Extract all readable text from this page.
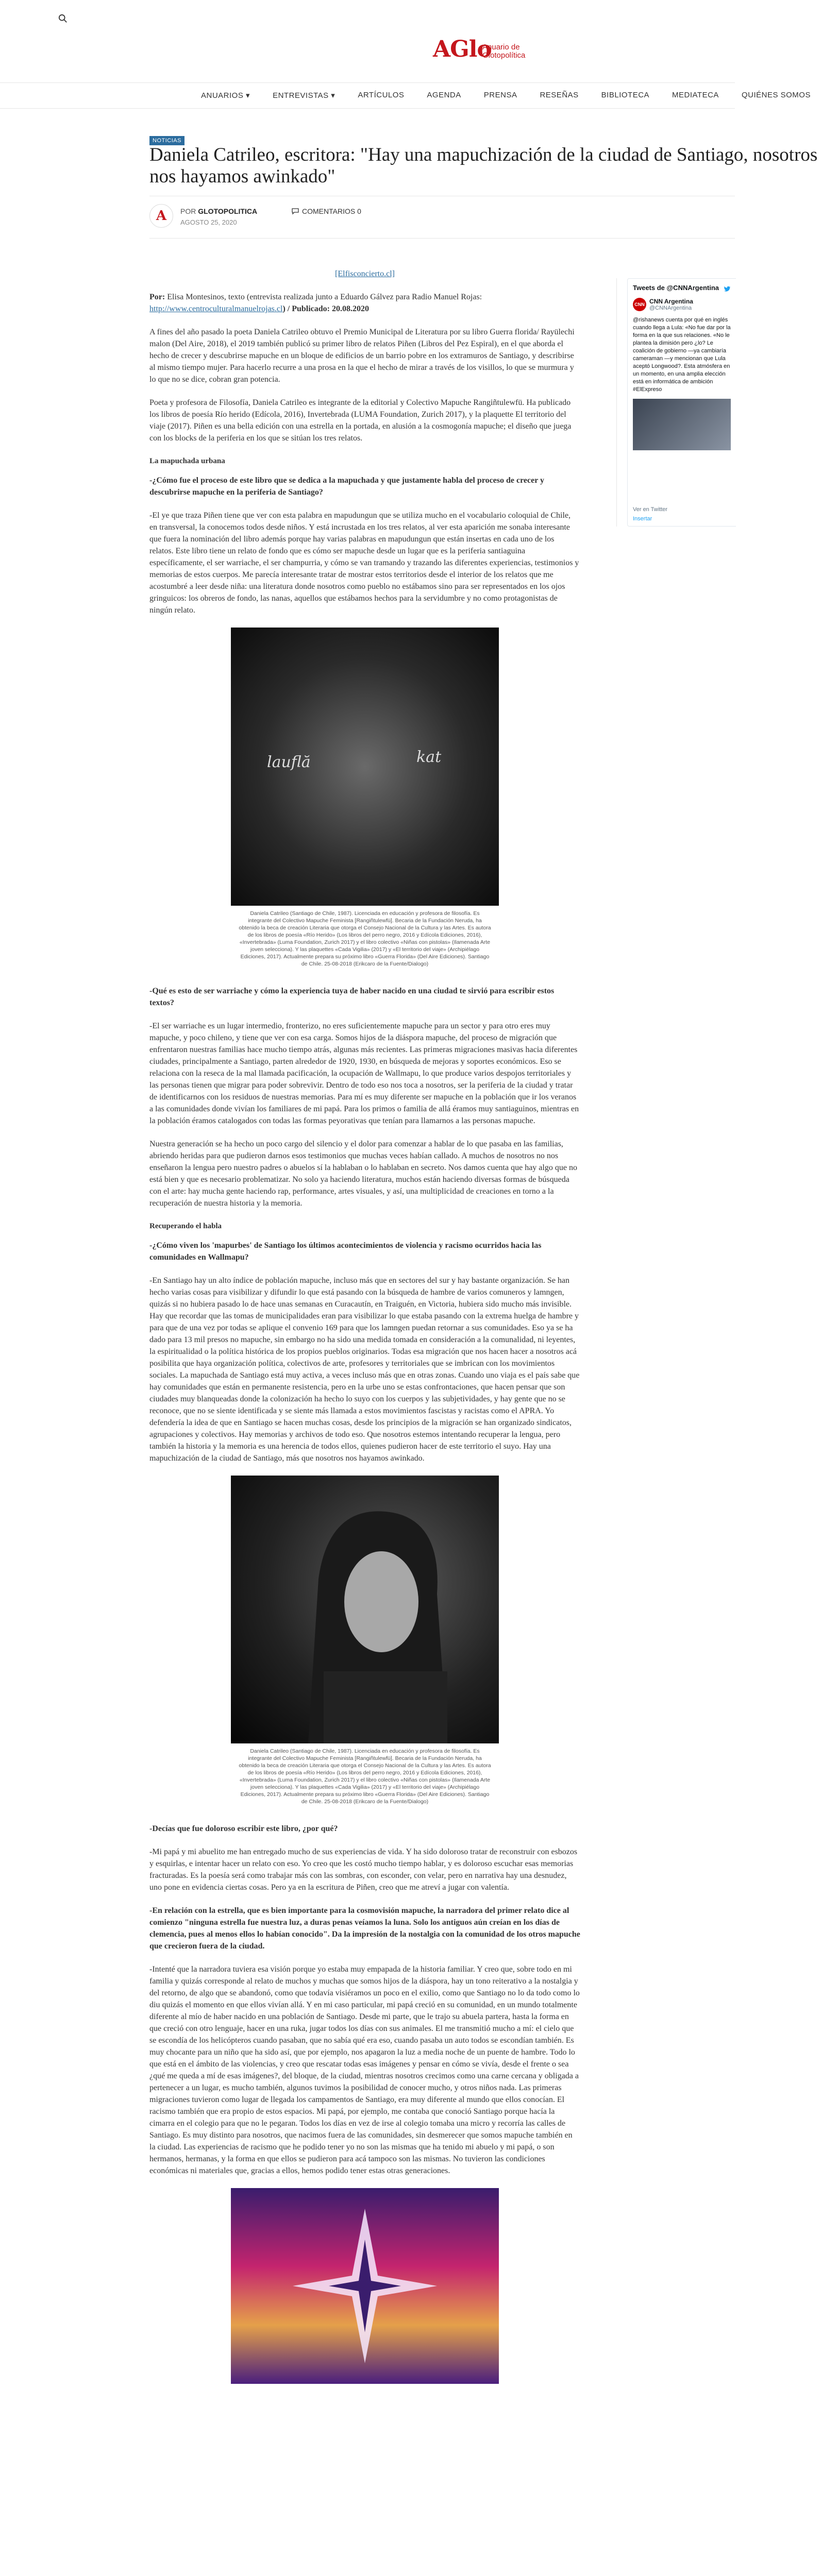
AGlo
Anuario de Glotopolítica
ANUARIOS ▾	ENTREVISTAS ▾	ARTÍCULOS	AGENDA	PRENSA	RESEÑAS	BIBLIOTECA	MEDIATECA	QUIÉNES SOMOS
NOTICIAS
Daniela Catrileo, escritora: "Hay una mapuchización de la ciudad de Santiago, nosotros nos hayamos awinkado"
A	POR GLOTOPOLITICA	COMENTARIOS 0
AGOSTO 25, 2020

[Elfisconcierto.cl]

Por: Elisa Montesinos, texto (entrevista realizada junto a Eduardo Gálvez para Radio Manuel Rojas: http://www.centroculturalmanuelrojas.cl) / Publicado: 20.08.2020

A fines del año pasado la poeta Daniela Catrileo obtuvo el Premio Municipal de Literatura por su libro Guerra florida/ Rayülechi malon (Del Aire, 2018), el 2019 también publicó su primer libro de relatos Piñen (Libros del Pez Espiral), en el que aborda el hecho de crecer y descubrirse mapuche en un bloque de edificios de un barrio pobre en los extramuros de Santiago, y describirse al mismo tiempo mujer. Para hacerlo recurre a una prosa en la que el hecho de mirar a través de los visillos, lo que se murmura y lo que no se dice, cobran gran potencia.

Poeta y profesora de Filosofía, Daniela Catrileo es integrante de la editorial y Colectivo Mapuche Rangiñtulewfü. Ha publicado los libros de poesía Río herido (Edícola, 2016), Invertebrada (LUMA Foundation, Zurich 2017), y la plaquette El territorio del viaje (2017). Piñen es una bella edición con una estrella en la portada, en alusión a la cosmogonía mapuche; el diseño que juega con los blocks de la periferia en los que se sitúan los tres relatos.

La mapuchada urbana

-¿Cómo fue el proceso de este libro que se dedica a la mapuchada y que justamente habla del proceso de crecer y descubrirse mapuche en la periferia de Santiago?

-El ye que traza Piñen tiene que ver con esta palabra en mapudungun que se utiliza mucho en el vocabulario coloquial de Chile, en transversal, la conocemos todos desde niños. Y está incrustada en los tres relatos, al ver esta aparición me sonaba interesante que fuera la nominación del libro además porque hay varias palabras en mapudungun que están insertas en cada uno de los relatos. Este libro tiene un relato de fondo que es cómo ser mapuche desde un lugar que es la periferia santiaguina específicamente, el ser warriache, el ser champurria, y cómo se van tramando y trazando las diferentes experiencias, testimonios y memorias de estos cuerpos. Me parecía interesante tratar de mostrar estos territorios desde el interior de los relatos que me acostumbré a leer desde niña: una literatura donde nosotros como pueblo no estábamos sino para ser representados en los ojos gringuicos: los obreros de fondo, las nanas, aquellos que estábamos hechos para la servidumbre y no como protagonistas de ningún relato.

lauflă	kat
Daniela Catrileo (Santiago de Chile, 1987). Licenciada en educación y profesora de filosofía. Es integrante del Colectivo Mapuche Feminista [Rangiñtulewfü]. Becaria de la Fundación Neruda, ha obtenido la beca de creación Literaria que otorga el Consejo Nacional de la Cultura y las Artes. Es autora de los libros de poesía «Río Herido» (Los libros del perro negro, 2016 y Edícola Ediciones, 2016), «Invertebrada» (Luma Foundation, Zurich 2017) y el libro colectivo «Niñas con pistolas» (Ilamenada Arte joven selecciona). Y las plaquettes «Cada Vigilia» (2017) y «El territorio del viaje» (Archipiélago Ediciones, 2017). Actualmente prepara su próximo libro «Guerra Florida» (Del Aire Ediciones). Santiago de Chile. 25-08-2018 (Erikcaro de la Fuente/Dialogo)

-Qué es esto de ser warriache y cómo la experiencia tuya de haber nacido en una ciudad te sirvió para escribir estos textos?

-El ser warriache es un lugar intermedio, fronterizo, no eres suficientemente mapuche para un sector y para otro eres muy mapuche, y poco chileno, y tiene que ver con esa carga. Somos hijos de la diáspora mapuche, del proceso de migración que enfrentaron nuestras familias hace mucho tiempo atrás, algunas más recientes. Las primeras migraciones masivas hacia diferentes ciudades, principalmente a Santiago, parten alrededor de 1920, 1930, en búsqueda de mejoras y soportes económicos. Eso se relaciona con la reseca de la mal llamada pacificación, la ocupación de Wallmapu, lo que produce varios despojos territoriales y las personas tienen que migrar para poder sobrevivir. Dentro de todo eso nos toca a nosotros, ser la periferia de la ciudad y tratar de identificarnos con los residuos de nuestras memorias. Para mí es muy diferente ser mapuche en la población que ir los veranos a las comunidades donde vivían los familiares de mi papá. Para los primos o familia de allá éramos muy santiaguinos, mientras en la población éramos catalogados con todas las formas peyorativas que tenían para llamarnos a las personas mapuche.

Nuestra generación se ha hecho un poco cargo del silencio y el dolor para comenzar a hablar de lo que pasaba en las familias, abriendo heridas para que pudieron darnos esos testimonios que muchas veces habían callado. A muchos de nosotros no nos enseñaron la lengua pero nuestro padres o abuelos sí la hablaban o lo hablaban en secreto. Nos damos cuenta que hay algo que no está bien y que es necesario problematizar. No solo ya haciendo literatura, muchos están haciendo diversas formas de búsqueda con el arte: hay mucha gente haciendo rap, performance, artes visuales, y así, una multiplicidad de creaciones en torno a la recuperación de nuestra historia y la memoria.

Recuperando el habla

-¿Cómo viven los 'mapurbes' de Santiago los últimos acontecimientos de violencia y racismo ocurridos hacia las comunidades en Wallmapu?

-En Santiago hay un alto índice de población mapuche, incluso más que en sectores del sur y hay bastante organización. Se han hecho varias cosas para visibilizar y difundir lo que está pasando con la búsqueda de hambre de varios comuneros y lamngen, quizás si no hubiera pasado lo de hace unas semanas en Curacautín, en Traiguén, en Victoria, hubiera sido mucho más invisible. Hay que recordar que las tomas de municipalidades eran para visibilizar lo que estaba pasando con la extrema huelga de hambre y para que de una vez por todas se aplique el convenio 169 para que los lamngen puedan retornar a sus comunidades. Eso ya se ha dado para 13 mil presos no mapuche, sin embargo no ha sido una medida tomada en consideración a la comunalidad, ni leyentes, la espiritualidad o la política histórica de los propios pueblos originarios. Todas esa migración que nos hacen hacer a nosotros acá posibilita que haya organización política, colectivos de arte, profesores y territoriales que se imbrican con los movimientos sociales. La mapuchada de Santiago está muy activa, a veces incluso más que en otras zonas. Cuando uno viaja es el país sabe que hay comunidades que están en permanente resistencia, pero en la urbe uno se estas confrontaciones, que hacen pensar que son ciudades muy blanqueadas donde la colonización ha hecho lo suyo con los cuerpos y las subjetividades, y hay gente que no se reconoce, que no se siente identificada y se siente más llamada a estos movimientos fascistas y racistas como el APRA. Yo defendería la idea de que en Santiago se hacen muchas cosas, desde los principios de la migración se han organizado sindicatos, agrupaciones y colectivos. Hay memorias y archivos de todo eso. Que nosotros estemos intentando recuperar la lengua, pero también la historia y la memoria es una herencia de todos ellos, quienes pudieron hacer de este territorio el suyo. Hay una mapuchización de la ciudad de Santiago, más que nosotros nos hayamos awinkado.

Daniela Catrileo (Santiago de Chile, 1987). Licenciada en educación y profesora de filosofía. Es integrante del Colectivo Mapuche Feminista [Rangiñtulewfü]. Becaria de la Fundación Neruda, ha obtenido la beca de creación Literaria que otorga el Consejo Nacional de la Cultura y las Artes. Es autora de los libros de poesía «Río Herido» (Los libros del perro negro, 2016 y Edícola Ediciones, 2016), «Invertebrada» (Luma Foundation, Zurich 2017) y el libro colectivo «Niñas con pistolas» (Ilamenada Arte joven selecciona). Y las plaquettes «Cada Vigilia» (2017) y «El territorio del viaje» (Archipiélago Ediciones, 2017). Actualmente prepara su próximo libro «Guerra Florida» (Del Aire Ediciones). Santiago de Chile. 25-08-2018 (Erikcaro de la Fuente/Dialogo)

-Decías que fue doloroso escribir este libro, ¿por qué?

-Mi papá y mi abuelito me han entregado mucho de sus experiencias de vida. Y ha sido doloroso tratar de reconstruir con esbozos y esquirlas, e intentar hacer un relato con eso. Yo creo que les costó mucho tiempo hablar, y es doloroso escuchar esas memorias fracturadas. Es la poesía será como trabajar más con las sombras, con esconder, con velar, pero en narrativa hay una desnudez, uno pone en evidencia ciertas cosas. Pero ya en la escritura de Piñen, creo que me atreví a jugar con valentía.

-En relación con la estrella, que es bien importante para la cosmovisión mapuche, la narradora del primer relato dice al comienzo "ninguna estrella fue nuestra luz, a duras penas veíamos la luna. Solo los antiguos aún creían en los días de clemencia, pues al menos ellos lo habían conocido". Da la impresión de la nostalgia con la comunidad de los otros mapuche que crecieron fuera de la ciudad.

-Intenté que la narradora tuviera esa visión porque yo estaba muy empapada de la historia familiar. Y creo que, sobre todo en mi familia y quizás corresponde al relato de muchos y muchas que somos hijos de la diáspora, hay un tono reiterativo a la nostalgia y del retorno, de algo que se abandonó, como que todavía visiéramos un poco en el exilio, como que Santiago no lo da todo como lo diu quizás el momento en que ellos vivían allá. Y en mi caso particular, mi papá creció en su comunidad, en un mundo totalmente diferente al mío de haber nacido en una población de Santiago. Desde mi parte, que le trajo su abuela partera, hasta la forma en que creció con otro lenguaje, hacer en una ruka, jugar todos los días con sus animales. El me transmitió mucho a mí: el cielo que se escondía de los helicópteros cuando pasaban, que no sabía qué era eso, cuando pasaba un auto todos se escondían también. Es muy chocante para un niño que ha sido así, que por ejemplo, nos apagaron la luz a media noche de un puente de hambre. Todo lo que está en el ámbito de las violencias, y creo que rescatar todas esas imágenes y pensar en cómo se vivía, desde el frente o sea ¿qué me queda a mí de esas imágenes?, del bloque, de la ciudad, mientras nosotros crecimos como una carne cercana y obligada a pertenecer a un lugar, es mucho también, algunos tuvimos la posibilidad de conocer mucho, y otros niños nada. Las primeras migraciones tuvieron como lugar de llegada los campamentos de Santiago, era muy diferente al mundo que ellos conocían. El racismo también que era propio de estos espacios. Mi papá, por ejemplo, me contaba que conoció Santiago porque hacía la cimarra en el colegio para que no le pegaran. Todos los días en vez de irse al colegio tomaba una micro y recorría las calles de Santiago. Es muy distinto para nosotros, que nacimos fuera de las comunidades, sin desmerecer que somos mapuche también en la ciudad. Las experiencias de racismo que he podido tener yo no son las mismas que ha tenido mi abuelo y mi papá, o son hermanos, hermanas, y la forma en que ellos se pudieron para acá tampoco son las mismas. No tuvieron las condiciones económicas ni materiales que, gracias a ellos, hemos podido tener estas otras generaciones.

Tweets de @CNNArgentina
CNN CNN Argentina
@CNNArgentina
@rishanews cuenta por qué en inglés cuando llega a Lula: «No fue dar por la forma en la que sus relaciones. «No le plantea la dimisión pero ¿lo? Le coalición de gobierno —ya cambiaría cameraman —y mencionan que Lula aceptó Longwood?. Esta atmósfera en un momento, en una amplia elección está en informática de ambición #ElExpreso
Ver en Twitter
Insertar
